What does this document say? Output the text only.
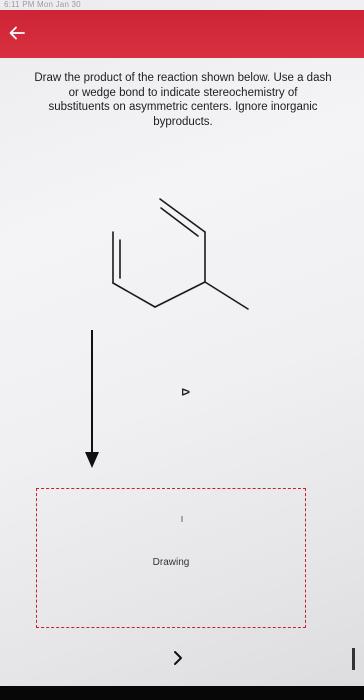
6:11 PM Mon Jan 30
Draw the product of the reaction shown below. Use a dash
or wedge bond to indicate stereochemistry of
substituents on asymmetric centers. Ignore inorganic
byproducts.
Δ
Drawing
